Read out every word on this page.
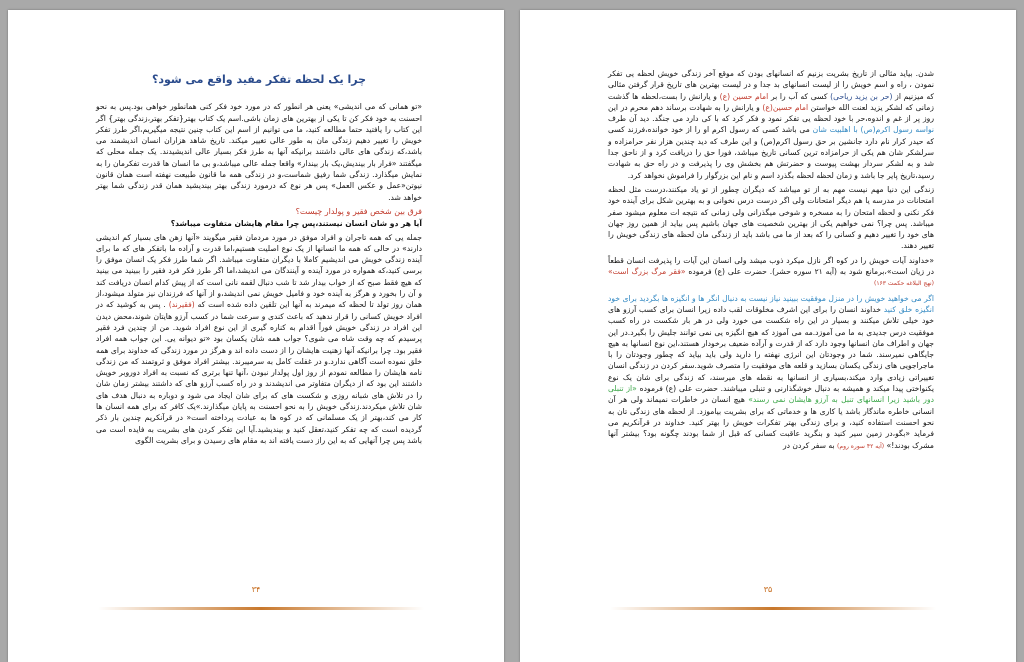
چرا یک لحظه تفکر مفید واقع می شود؟

«تو همانی که می اندیشی» یعنی هر انطور که در مورد خود فکر کنی همانطور خواهی بود.پس به نحو احسنت به خود فکر کن تا یکی از بهترین های زمان باشی.اسم یک کتاب بهتر{تفکر بهتر،زندگی بهتر} اگر این کتاب را یافتید حتما مطالعه کنید، ما می توانیم از اسم این کتاب چنین نتیجه میگیریم،اگر طرز تفکر خویش را تغییر دهیم زندگی مان به طور عالی تغییر میکند. تاریخ شاهد هزاران انسان اندیشمند می باشد،که زندگی های عالی داشتند برانیکه آنها به طرز فکر بسیار عالی اندیشیدند. یک جمله محلی که میگفتند «فرار بار بیندیش،یک بار بیندار» واقعا جمله عالی میباشد،و بی ما انسان ها قدرت تفکرمان را به نمایش میگذارد. زندگی شما رفیق شماست،و در زندگی همه ما قانون طبیعت نهفته است همان قانون نیوتن«عمل و عکس العمل» پس هر نوع که درمورد زندگی بهتر بیندیشید همان قدر زندگی شما بهتر خواهد شد.

فرق بین شخص فقیر و پولدار چیست؟
آیا هر دو شان انسان نیستند،پس چرا مقام هایشان متفاوت میباشد؟

جمله یی که همه تاجران و افراد موفق در مورد مردمان فقیر میگویند «آنها زهن های بسیار کم اندیشی دارند» در حالی که همه ما انسانها از یک نوع اصلیت هستیم،اما قدرت و آراده ما باتفکر های که ما برای آینده زندگی خویش می اندیشیم کاملا با دیگران متفاوت میباشد. اگر شما طرز فکر یک انسان موفق را برسی کنید،که همواره در مورد آینده و آینندگان می اندیشد،اما اگر طرز فکر فرد فقیر را ببینید می بینید که هیچ فقط صبح که از خواب بیدار شد تا شب دنبال لقمه نانی است که از پیش کدام انسان دریافت کند و آن را بخورد و هرگز به آینده خود و فامیل خویش نمی اندیشد،و از آنها که فرزندان نیز متولد میشود،از همان روز تولد تا لحظه که میمرند به آنها این تلقین داده شده است که (فقیرند) . پس به کوشید که در افراد خویش کسانی را قرار ندهید که باعث کندی و سرعت شما در کسب آرزو هایتان شوند،محض دیدن این افراد در زندگی خویش فوراً اقدام به کناره گیری از این نوع افراد شوید. من از چندین فرد فقیر پرسیدم که چه وقت شاه می شوی؟ جواب همه شان یکسان بود «تو دیوانه یی. این جواب همه افراد فقیر بود. چرا برانیکه آنها زهنیت هایشان را از دست داده اند و هرگز در مورد زندگی که خداوند برای همه خلق نموده است آگاهی ندارد.و در غفلت کامل به سرمیبرند. بیشتر افراد موفق و ثروتمند که من زندگی نامه هایشان را مطالعه نمودم از روز اول پولدار نبودن ،آنها تنها برتری که نسبت به افراد دوروبر خویش داشتند این بود که از دیگران متفاوتر می اندیشدند و در راه کسب آرزو های که داشتند بیشتر زمان شان را در تلاش های شبانه روزی و شکست های که برای شان ایجاد می شود و دوباره به دنبال هدف های شان تلاش میکردند.زندگی خویش را به نحو احسنت به پایان میگذارند.»یک کافر که برای همه انسان ها کار می کند،بهتر از یک مسلمانی که در کوه ها به عبادت پرداخته است« در قرآنکریم چندین بار ذکر گردیده است که چه تفکر کنید،تعقل کنید و بیندیشید.آیا این تفکر کردن های بشریت به فایده است می باشد پس چرا آنهایی که به این راز دست یافته اند به مقام های رسیدن و برای بشریت الگوی

۳۴

شدن. بیاید مثالی از تاریخ بشریت بزنیم که انسانهای بودن که موقع آخر زندگی خویش لحظه یی تفکر نمودن ، راه و اسم خویش را از لیست انسانهای بد جدا و در لیست بهترین های تاریخ قرار گرفتن مثالی که میزنیم از (حر بن یزید ریاحی) کسی که آب را بر امام حسین (ع) و یارانش را بست،لحظه ها گذشت زمانی که لشکر یزید لعنت الله خواستن امام حسین(ع) و یارانش را به شهادت برساند دهم محرم در این روز پر از غم و اندوه،حر با خود لحظه یی تفکر نمود و فکر کرد که با کی دارد می جنگد. دید آن طرف نواسه رسول اکرم(ص) با اهلبیت شان می باشد کسی که رسول اکرم او را از خود خوانده،فرزند کسی که حیدر کرار نام دارد جانشین بر حق رسول اکرم(ص) و این طرف که دید چندین هزار نفر حرامزاده و سرلشکر شان هم یکی از حرامزاده ترین کسانی تاریخ میباشد، فورا حق را دریافت کرد و از ناحق جدا شد و به لشکر سردار بهشت پیوست و حضرتش هم بخشش وی را پذیرفت و در راه حق به شهادت رسید،تاریخ پایر جا باشد و زمان لحظه لحظه بگذرد اسم و نام این بزرگوار را فراموش نخواهد کرد.

زندگی این دنیا مهم نیست مهم به از تو میباشد که دیگران چطور از تو یاد میکنند،درست مثل لحظه امتحانات در مدرسه یا هم دیگر امتحانات ولی اگر درست درس نخوانی و به بهترین شکل برای آینده خود فکر نکنی و لحظه امتحان را به مسخره و شوخی میگذرانی ولی زمانی که نتیجه ات معلوم میشود صفر میباشد. پس چرا؟ نمی خواهیم یکی از بهترین شخصیت های جهان باشیم پس بیاید از همین روز جهان های خود را تغییر دهیم و کسانی را که بعد از ما می باشد باید از زندگی مان لحظه های زندگی خویش را تغییر دهند.

«خداوند آیات خویش را در کوه اگر نازل میکرد ذوب میشد ولی انسان این آیات را پذیرفت انسان قطعاً در زیان است»،برمانع شود به (آیه ۲۱ سوره حشر). حضرت علی (ع) فرموده «فقر مرگ بزرگ است» (نهج البلاغه حکمت ۱۶۳)

اگر می خواهید خویش را در منزل موفقیت ببینید نیاز نیست به دنبال انگر ها و انگیزه ها بگردید برای خود انگیزه خلق کنید خداوند انسان را برای این اشرف مخلوقات لقب داده زیرا انسان برای کسب آرزو های خود خیلی تلاش میکنند و بسیار در این راه شکست می خورد ولی در هر بار شکست در راه کسب موفقیت درس جدیدی به ما می آموزد.مه می آموزد که هیچ انگیزه یی نمی توانند جلیش را بگیرد.در این جهان و اطراف مان انسانها وجود دارد که از قدرت و آرآده ضعیف برخودار هستند،این نوع انسانها به هیچ جایگاهی نمیرسند. شما در وجودتان این انرژی نهفته را دارید ولی باید بیاید که چطور وجودتان را با ماجراجویی های زندگی یکسان بسازید و قلعه های موفقیت را متصرف شوید.سفر کردن در زندگی انسان تغییراتی زیادی وارد میکند،بسیاری از انسانها به نقطه های میرسند، که زندگی برای شان یک نوع یکنواختی پیدا میکند و همیشه به دنبال خوشگذارنی و تنبلی میباشند. حضرت علی (ع) فرموده «از تنبلی دور باشید زیرا انسانهای تنبل به آرزو هایشان نمی رسند» هیچ انسان در خاطرات نمیماند ولی هر آن انسانی خاطره ماندگار باشد یا کاری ها و خدماتی که برای بشریت بیاموزد. از لحظه های زندگی تان به نحو احسنت استفاده کنید، و برای زندگی بهتر تفکرات خویش را بهتر کنید. خداوند در قرآنکریم می فرماید «بگو،در زمین سیر کنید و بنگرید عاقبت کسانی که قبل از شما بودند چگونه بود؟ بیشتر آنها مشرک بودند!» (آیه ۴۲ سوره روم) به سفر کردن در

۳۵
